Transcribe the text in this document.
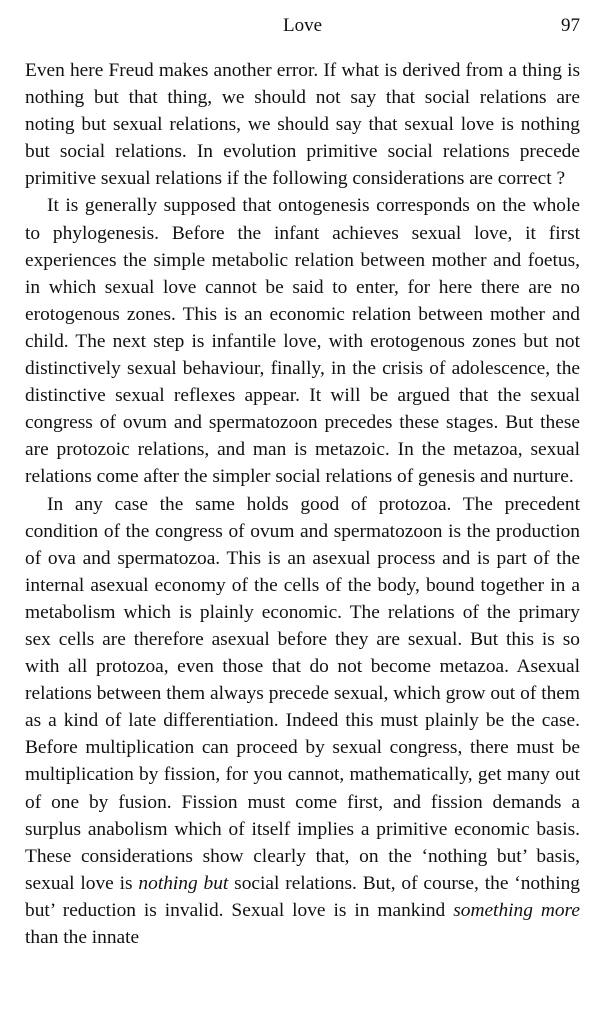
Love	97

Even here Freud makes another error. If what is derived from a thing is nothing but that thing, we should not say that social relations are noting but sexual relations, we should say that sexual love is nothing but social relations. In evolution primitive social relations precede primitive sexual relations if the following considerations are correct ?

It is generally supposed that ontogenesis corresponds on the whole to phylogenesis. Before the infant achieves sexual love, it first experiences the simple metabolic relation between mother and foetus, in which sexual love cannot be said to enter, for here there are no erotogenous zones. This is an economic relation between mother and child. The next step is infantile love, with erotogenous zones but not distinctively sexual behaviour, finally, in the crisis of adolescence, the distinctive sexual reflexes appear. It will be argued that the sexual congress of ovum and spermatozoon precedes these stages. But these are protozoic relations, and man is metazoic. In the metazoa, sexual relations come after the simpler social relations of genesis and nurture.

In any case the same holds good of protozoa. The precedent condition of the congress of ovum and spermatozoon is the production of ova and spermatozoa. This is an asexual process and is part of the internal asexual economy of the cells of the body, bound together in a metabolism which is plainly economic. The relations of the primary sex cells are therefore asexual before they are sexual. But this is so with all protozoa, even those that do not become metazoa. Asexual relations between them always precede sexual, which grow out of them as a kind of late differentiation. Indeed this must plainly be the case. Before multiplication can proceed by sexual congress, there must be multiplication by fission, for you cannot, mathematically, get many out of one by fusion. Fission must come first, and fission demands a surplus anabolism which of itself implies a primitive economic basis. These considerations show clearly that, on the ‘nothing but’ basis, sexual love is nothing but social relations. But, of course, the ‘nothing but’ reduction is invalid. Sexual love is in mankind something more than the innate
